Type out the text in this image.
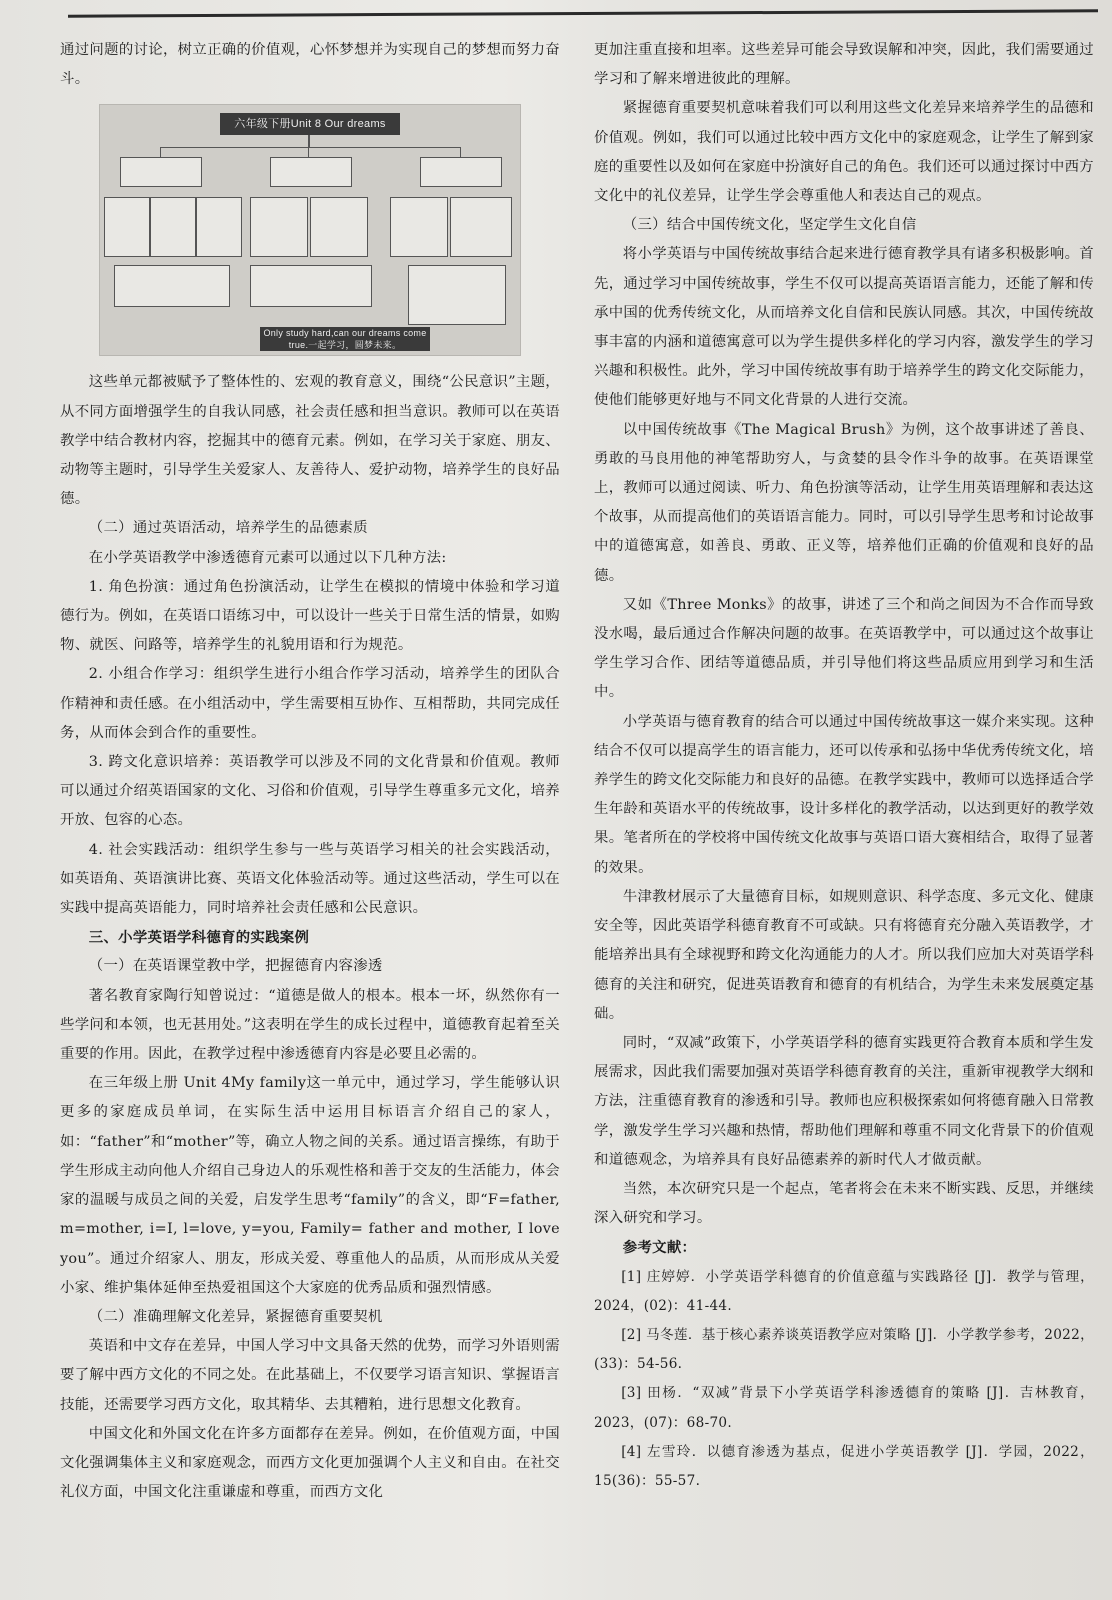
通过问题的讨论，树立正确的价值观，心怀梦想并为实现自己的梦想而努力奋斗。

六年级下册Unit 8 Our dreams
Only study hard,can our dreams come true.一起学习，圆梦未来。

这些单元都被赋予了整体性的、宏观的教育意义，围绕“公民意识”主题，从不同方面增强学生的自我认同感，社会责任感和担当意识。教师可以在英语教学中结合教材内容，挖掘其中的德育元素。例如，在学习关于家庭、朋友、动物等主题时，引导学生关爱家人、友善待人、爱护动物，培养学生的良好品德。

（二）通过英语活动，培养学生的品德素质

在小学英语教学中渗透德育元素可以通过以下几种方法:

1. 角色扮演：通过角色扮演活动，让学生在模拟的情境中体验和学习道德行为。例如，在英语口语练习中，可以设计一些关于日常生活的情景，如购物、就医、问路等，培养学生的礼貌用语和行为规范。

2. 小组合作学习：组织学生进行小组合作学习活动，培养学生的团队合作精神和责任感。在小组活动中，学生需要相互协作、互相帮助，共同完成任务，从而体会到合作的重要性。

3. 跨文化意识培养：英语教学可以涉及不同的文化背景和价值观。教师可以通过介绍英语国家的文化、习俗和价值观，引导学生尊重多元文化，培养开放、包容的心态。

4. 社会实践活动：组织学生参与一些与英语学习相关的社会实践活动，如英语角、英语演讲比赛、英语文化体验活动等。通过这些活动，学生可以在实践中提高英语能力，同时培养社会责任感和公民意识。

三、小学英语学科德育的实践案例

（一）在英语课堂教中学，把握德育内容渗透

著名教育家陶行知曾说过：“道德是做人的根本。根本一坏，纵然你有一些学问和本领，也无甚用处。”这表明在学生的成长过程中，道德教育起着至关重要的作用。因此，在教学过程中渗透德育内容是必要且必需的。

在三年级上册 Unit 4My family这一单元中，通过学习，学生能够认识更多的家庭成员单词，在实际生活中运用目标语言介绍自己的家人，如：“father”和“mother”等，确立人物之间的关系。通过语言操练，有助于学生形成主动向他人介绍自己身边人的乐观性格和善于交友的生活能力，体会家的温暖与成员之间的关爱，启发学生思考“family”的含义，即“F=father, m=mother, i=I, l=love, y=you, Family= father and mother, I love you”。通过介绍家人、朋友，形成关爱、尊重他人的品质，从而形成从关爱小家、维护集体延伸至热爱祖国这个大家庭的优秀品质和强烈情感。

（二）准确理解文化差异，紧握德育重要契机

英语和中文存在差异，中国人学习中文具备天然的优势，而学习外语则需要了解中西方文化的不同之处。在此基础上，不仅要学习语言知识、掌握语言技能，还需要学习西方文化，取其精华、去其糟粕，进行思想文化教育。

中国文化和外国文化在许多方面都存在差异。例如，在价值观方面，中国文化强调集体主义和家庭观念，而西方文化更加强调个人主义和自由。在社交礼仪方面，中国文化注重谦虚和尊重，而西方文化

更加注重直接和坦率。这些差异可能会导致误解和冲突，因此，我们需要通过学习和了解来增进彼此的理解。

紧握德育重要契机意味着我们可以利用这些文化差异来培养学生的品德和价值观。例如，我们可以通过比较中西方文化中的家庭观念，让学生了解到家庭的重要性以及如何在家庭中扮演好自己的角色。我们还可以通过探讨中西方文化中的礼仪差异，让学生学会尊重他人和表达自己的观点。

（三）结合中国传统文化，坚定学生文化自信

将小学英语与中国传统故事结合起来进行德育教学具有诸多积极影响。首先，通过学习中国传统故事，学生不仅可以提高英语语言能力，还能了解和传承中国的优秀传统文化，从而培养文化自信和民族认同感。其次，中国传统故事丰富的内涵和道德寓意可以为学生提供多样化的学习内容，激发学生的学习兴趣和积极性。此外，学习中国传统故事有助于培养学生的跨文化交际能力，使他们能够更好地与不同文化背景的人进行交流。

以中国传统故事《The Magical Brush》为例，这个故事讲述了善良、勇敢的马良用他的神笔帮助穷人，与贪婪的县令作斗争的故事。在英语课堂上，教师可以通过阅读、听力、角色扮演等活动，让学生用英语理解和表达这个故事，从而提高他们的英语语言能力。同时，可以引导学生思考和讨论故事中的道德寓意，如善良、勇敢、正义等，培养他们正确的价值观和良好的品德。

又如《Three Monks》的故事，讲述了三个和尚之间因为不合作而导致没水喝，最后通过合作解决问题的故事。在英语教学中，可以通过这个故事让学生学习合作、团结等道德品质，并引导他们将这些品质应用到学习和生活中。

小学英语与德育教育的结合可以通过中国传统故事这一媒介来实现。这种结合不仅可以提高学生的语言能力，还可以传承和弘扬中华优秀传统文化，培养学生的跨文化交际能力和良好的品德。在教学实践中，教师可以选择适合学生年龄和英语水平的传统故事，设计多样化的教学活动，以达到更好的教学效果。笔者所在的学校将中国传统文化故事与英语口语大赛相结合，取得了显著的效果。

牛津教材展示了大量德育目标，如规则意识、科学态度、多元文化、健康安全等，因此英语学科德育教育不可或缺。只有将德育充分融入英语教学，才能培养出具有全球视野和跨文化沟通能力的人才。所以我们应加大对英语学科德育的关注和研究，促进英语教育和德育的有机结合，为学生未来发展奠定基础。

同时，“双减”政策下，小学英语学科的德育实践更符合教育本质和学生发展需求，因此我们需要加强对英语学科德育教育的关注，重新审视教学大纲和方法，注重德育教育的渗透和引导。教师也应积极探索如何将德育融入日常教学，激发学生学习兴趣和热情，帮助他们理解和尊重不同文化背景下的价值观和道德观念，为培养具有良好品德素养的新时代人才做贡献。

当然，本次研究只是一个起点，笔者将会在未来不断实践、反思，并继续深入研究和学习。

参考文献：

[1] 庄婷婷．小学英语学科德育的价值意蕴与实践路径 [J]．教学与管理，2024，(02)：41-44.

[2] 马冬莲．基于核心素养谈英语教学应对策略 [J]．小学教学参考，2022，(33)：54-56.

[3] 田杨．“双减”背景下小学英语学科渗透德育的策略 [J]．吉林教育，2023，(07)：68-70.

[4] 左雪玲．以德育渗透为基点，促进小学英语教学 [J]．学园，2022，15(36)：55-57.
